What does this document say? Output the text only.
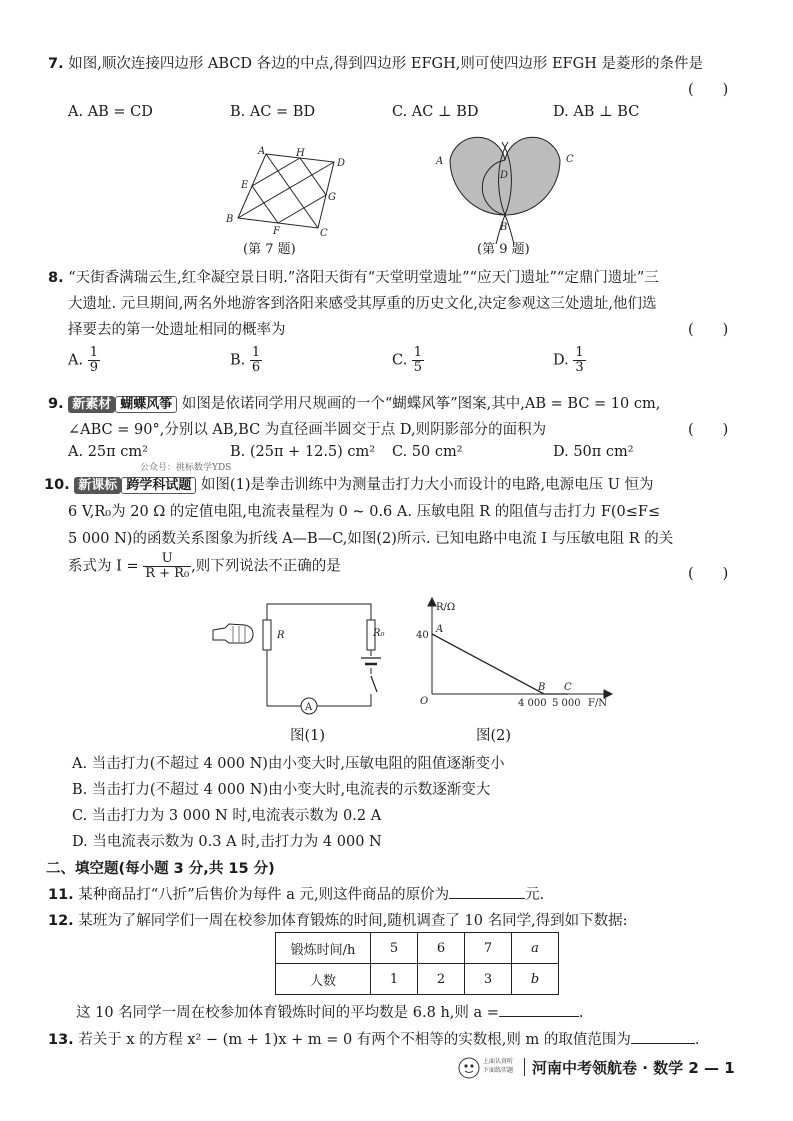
7. 如图,顺次连接四边形 ABCD 各边的中点,得到四边形 EFGH,则可使四边形 EFGH 是菱形的条件是
(　　)
A. AB = CD	B. AC = BD	C. AC ⊥ BD	D. AB ⊥ BC
A	H
D
E
G
B
F	C
(第 7 题)
A	C
D
B
(第 9 题)
8. “天街香满瑞云生,红伞凝空景日明.”洛阳天街有“天堂明堂遗址”“应天门遗址”“定鼎门遗址”三
大遗址. 元旦期间,两名外地游客到洛阳来感受其厚重的历史文化,决定参观这三处遗址,他们选
择要去的第一处遗址相同的概率为	(　　)
A. $\frac{1}{9}$	B. $\frac{1}{6}$	C. $\frac{1}{5}$	D. $\frac{1}{3}$
9. 新素材 蝴蝶风筝 如图是依诺同学用尺规画的一个“蝴蝶风筝”图案,其中,AB = BC = 10 cm,
∠ABC = 90°,分别以 AB,BC 为直径画半圆交于点 D,则阴影部分的面积为	(　　)
A. 25π cm²	B. (25π + 12.5) cm² C. 50 cm²	D. 50π cm²
公众号：挑标数学YDS
10. 新课标 跨学科试题 如图(1)是拳击训练中为测量击打力大小而设计的电路,电源电压 U 恒为
6 V,R₀为 20 Ω 的定值电阻,电流表量程为 0 ~ 0.6 A. 压敏电阻 R 的阻值与击打力 F(0≤F≤
5 000 N)的函数关系图象为折线 A—B—C,如图(2)所示. 已知电路中电流 I 与压敏电阻 R 的关
系式为 $I = \frac{U}{\text{R + R₀}}$ ,则下列说法不正确的是	(　　)
A
R	R₀
图(1)
R/Ω
F/N
40
O
A
B C
4 000 5 000
图(2)
A. 当击打力(不超过 4 000 N)由小变大时,压敏电阻的阻值逐渐变小
B. 当击打力(不超过 4 000 N)由小变大时,电流表的示数逐渐变大
C. 当击打力为 3 000 N 时,电流表示数为 0.2 A
D. 当电流表示数为 0.3 A 时,击打力为 4 000 N
二、填空题(每小题 3 分,共 15 分)
11. 某种商品打“八折”后售价为每件 a 元,则这件商品的原价为	元.
12. 某班为了解同学们一周在校参加体育锻炼的时间,随机调查了 10 名同学,得到如下数据:
锻炼时间/h	5	6	7	a
人数	1	2	3	b
这 10 名同学一周在校参加体育锻炼时间的平均数是 6.8 h,则 a =	.
13. 若关于 x 的方程 x² − (m + 1)x + m = 0 有两个不相等的实数根,则 m 的取值范围为	.
上面认真听
下面练实题 河南中考领航卷 · 数学 2 — 1
